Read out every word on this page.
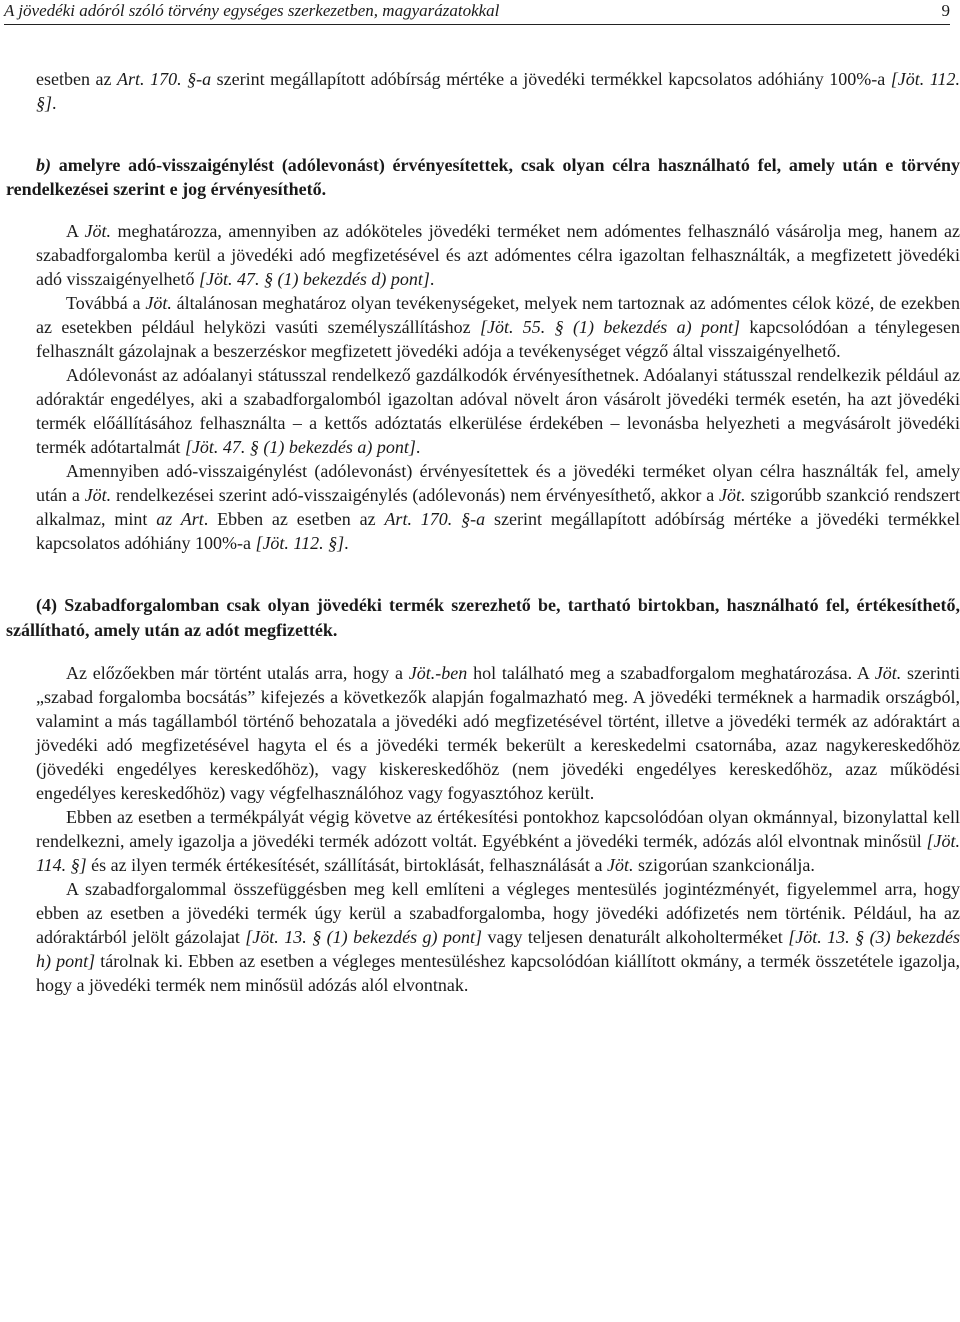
A jövedéki adóról szóló törvény egységes szerkezetben, magyarázatokkal	9

esetben az Art. 170. §-a szerint megállapított adóbírság mértéke a jövedéki termékkel kapcsolatos adóhiány 100%-a [Jöt. 112. §].

b) amelyre adó-visszaigénylést (adólevonást) érvényesítettek, csak olyan célra használható fel, amely után e törvény rendelkezései szerint e jog érvényesíthető.

A Jöt. meghatározza, amennyiben az adóköteles jövedéki terméket nem adómentes felhasználó vásárolja meg, hanem az szabadforgalomba kerül a jövedéki adó megfizetésével és azt adómentes célra igazoltan felhasználták, a megfizetett jövedéki adó visszaigényelhető [Jöt. 47. § (1) bekezdés d) pont].

Továbbá a Jöt. általánosan meghatároz olyan tevékenységeket, melyek nem tartoznak az adómentes célok közé, de ezekben az esetekben például helyközi vasúti személyszállításhoz [Jöt. 55. § (1) bekezdés a) pont] kapcsolódóan a ténylegesen felhasznált gázolajnak a beszerzéskor megfizetett jövedéki adója a tevékenységet végző által visszaigényelhető.

Adólevonást az adóalanyi státusszal rendelkező gazdálkodók érvényesíthetnek. Adóalanyi státusszal rendelkezik például az adóraktár engedélyes, aki a szabadforgalomból igazoltan adóval növelt áron vásárolt jövedéki termék esetén, ha azt jövedéki termék előállításához felhasználta – a kettős adóztatás elkerülése érdekében – levonásba helyezheti a megvásárolt jövedéki termék adótartalmát [Jöt. 47. § (1) bekezdés a) pont].

Amennyiben adó-visszaigénylést (adólevonást) érvényesítettek és a jövedéki terméket olyan célra használták fel, amely után a Jöt. rendelkezései szerint adó-visszaigénylés (adólevonás) nem érvényesíthető, akkor a Jöt. szigorúbb szankció rendszert alkalmaz, mint az Art. Ebben az esetben az Art. 170. §-a szerint megállapított adóbírság mértéke a jövedéki termékkel kapcsolatos adóhiány 100%-a [Jöt. 112. §].

(4) Szabadforgalomban csak olyan jövedéki termék szerezhető be, tartható birtokban, használható fel, értékesíthető, szállítható, amely után az adót megfizették.

Az előzőekben már történt utalás arra, hogy a Jöt.-ben hol található meg a szabadforgalom meghatározása. A Jöt. szerinti „szabad forgalomba bocsátás” kifejezés a következők alapján fogalmazható meg. A jövedéki terméknek a harmadik országból, valamint a más tagállamból történő behozatala a jövedéki adó megfizetésével történt, illetve a jövedéki termék az adóraktárt a jövedéki adó megfizetésével hagyta el és a jövedéki termék bekerült a kereskedelmi csatornába, azaz nagykereskedőhöz (jövedéki engedélyes kereskedőhöz), vagy kiskereskedőhöz (nem jövedéki engedélyes kereskedőhöz, azaz működési engedélyes kereskedőhöz) vagy végfelhasználóhoz vagy fogyasztóhoz került.

Ebben az esetben a termékpályát végig követve az értékesítési pontokhoz kapcsolódóan olyan okmánnyal, bizonylattal kell rendelkezni, amely igazolja a jövedéki termék adózott voltát. Egyébként a jövedéki termék, adózás alól elvontnak minősül [Jöt. 114. §] és az ilyen termék értékesítését, szállítását, birtoklását, felhasználását a Jöt. szigorúan szankcionálja.

A szabadforgalommal összefüggésben meg kell említeni a végleges mentesülés jogintézményét, figyelemmel arra, hogy ebben az esetben a jövedéki termék úgy kerül a szabadforgalomba, hogy jövedéki adófizetés nem történik. Például, ha az adóraktárból jelölt gázolajat [Jöt. 13. § (1) bekezdés g) pont] vagy teljesen denaturált alkoholterméket [Jöt. 13. § (3) bekezdés h) pont] tárolnak ki. Ebben az esetben a végleges mentesüléshez kapcsolódóan kiállított okmány, a termék összetétele igazolja, hogy a jövedéki termék nem minősül adózás alól elvontnak.
